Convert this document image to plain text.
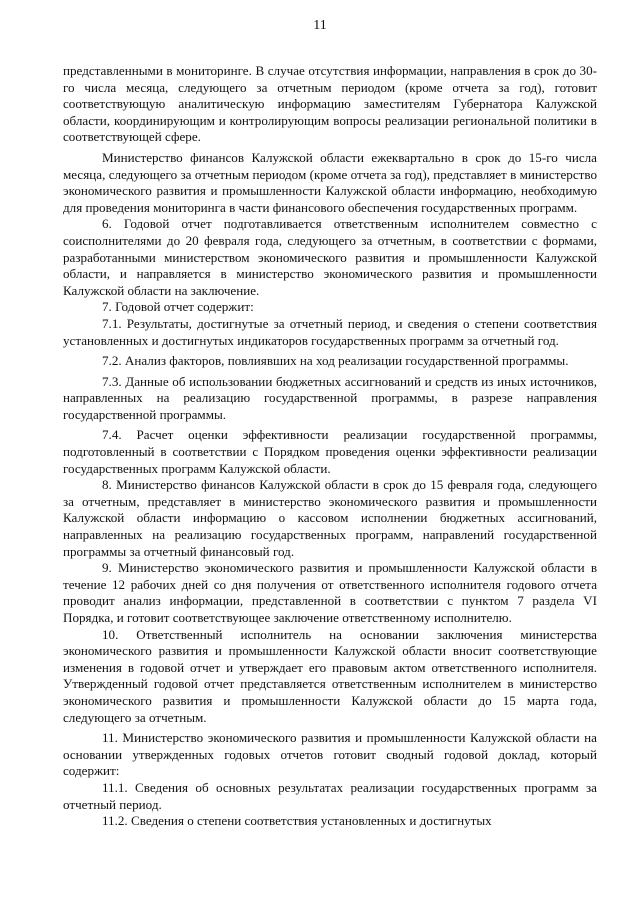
11

представленными в мониторинге. В случае отсутствия информации, направления в срок до 30-го числа месяца, следующего за отчетным периодом (кроме отчета за год), готовит соответствующую аналитическую информацию заместителям Губернатора Калужской области, координирующим и контролирующим вопросы реализации региональной политики в соответствующей сфере.

Министерство финансов Калужской области ежеквартально в срок до 15-го числа месяца, следующего за отчетным периодом (кроме отчета за год), представляет в министерство экономического развития и промышленности Калужской области информацию, необходимую для проведения мониторинга в части финансового обеспечения государственных программ.

6. Годовой отчет подготавливается ответственным исполнителем совместно с соисполнителями до 20 февраля года, следующего за отчетным, в соответствии с формами, разработанными министерством экономического развития и промышленности Калужской области, и направляется в министерство экономического развития и промышленности Калужской области на заключение.

7. Годовой отчет содержит:

7.1. Результаты, достигнутые за отчетный период, и сведения о степени соответствия установленных и достигнутых индикаторов государственных программ за отчетный год.

7.2. Анализ факторов, повлиявших на ход реализации государственной программы.

7.3. Данные об использовании бюджетных ассигнований и средств из иных источников, направленных на реализацию государственной программы, в разрезе направления государственной программы.

7.4. Расчет оценки эффективности реализации государственной программы, подготовленный в соответствии с Порядком проведения оценки эффективности реализации государственных программ Калужской области.

8. Министерство финансов Калужской области в срок до 15 февраля года, следующего за отчетным, представляет в министерство экономического развития и промышленности Калужской области информацию о кассовом исполнении бюджетных ассигнований, направленных на реализацию государственных программ, направлений государственной программы за отчетный финансовый год.

9. Министерство экономического развития и промышленности Калужской области в течение 12 рабочих дней со дня получения от ответственного исполнителя годового отчета проводит анализ информации, представленной в соответствии с пунктом 7 раздела VI Порядка, и готовит соответствующее заключение ответственному исполнителю.

10. Ответственный исполнитель на основании заключения министерства экономического развития и промышленности Калужской области вносит соответствующие изменения в годовой отчет и утверждает его правовым актом ответственного исполнителя. Утвержденный годовой отчет представляется ответственным исполнителем в министерство экономического развития и промышленности Калужской области до 15 марта года, следующего за отчетным.

11. Министерство экономического развития и промышленности Калужской области на основании утвержденных годовых отчетов готовит сводный годовой доклад, который содержит:

11.1. Сведения об основных результатах реализации государственных программ за отчетный период.

11.2. Сведения о степени соответствия установленных и достигнутых
